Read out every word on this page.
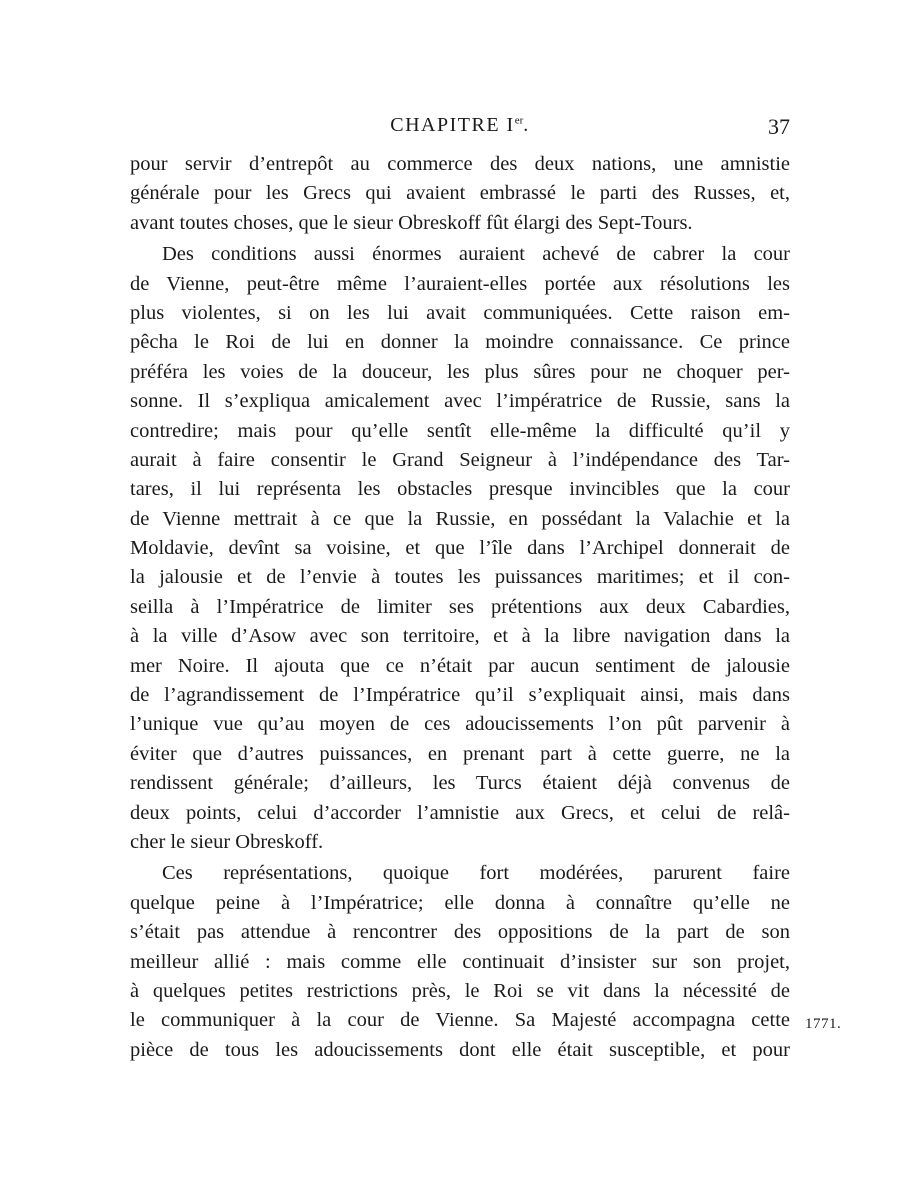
CHAPITRE Ier.	37
pour servir d’entrepôt au commerce des deux nations, une amnistie
générale pour les Grecs qui avaient embrassé le parti des Russes, et,
avant toutes choses, que le sieur Obreskoff fût élargi des Sept-Tours.
Des conditions aussi énormes auraient achevé de cabrer la cour
de Vienne, peut-être même l’auraient-elles portée aux résolutions les
plus violentes, si on les lui avait communiquées. Cette raison em-
pêcha le Roi de lui en donner la moindre connaissance. Ce prince
préféra les voies de la douceur, les plus sûres pour ne choquer per-
sonne. Il s’expliqua amicalement avec l’impératrice de Russie, sans la
contredire; mais pour qu’elle sentît elle-même la difficulté qu’il y
aurait à faire consentir le Grand Seigneur à l’indépendance des Tar-
tares, il lui représenta les obstacles presque invincibles que la cour
de Vienne mettrait à ce que la Russie, en possédant la Valachie et la
Moldavie, devînt sa voisine, et que l’île dans l’Archipel donnerait de
la jalousie et de l’envie à toutes les puissances maritimes; et il con-
seilla à l’Impératrice de limiter ses prétentions aux deux Cabardies,
à la ville d’Asow avec son territoire, et à la libre navigation dans la
mer Noire. Il ajouta que ce n’était par aucun sentiment de jalousie
de l’agrandissement de l’Impératrice qu’il s’expliquait ainsi, mais dans
l’unique vue qu’au moyen de ces adoucissements l’on pût parvenir à
éviter que d’autres puissances, en prenant part à cette guerre, ne la
rendissent générale; d’ailleurs, les Turcs étaient déjà convenus de
deux points, celui d’accorder l’amnistie aux Grecs, et celui de relâ-
cher le sieur Obreskoff.
Ces représentations, quoique fort modérées, parurent faire
quelque peine à l’Impératrice; elle donna à connaître qu’elle ne
s’était pas attendue à rencontrer des oppositions de la part de son
meilleur allié : mais comme elle continuait d’insister sur son projet,
à quelques petites restrictions près, le Roi se vit dans la nécessité de
le communiquer à la cour de Vienne. Sa Majesté accompagna cette
pièce de tous les adoucissements dont elle était susceptible, et pour
1771.
